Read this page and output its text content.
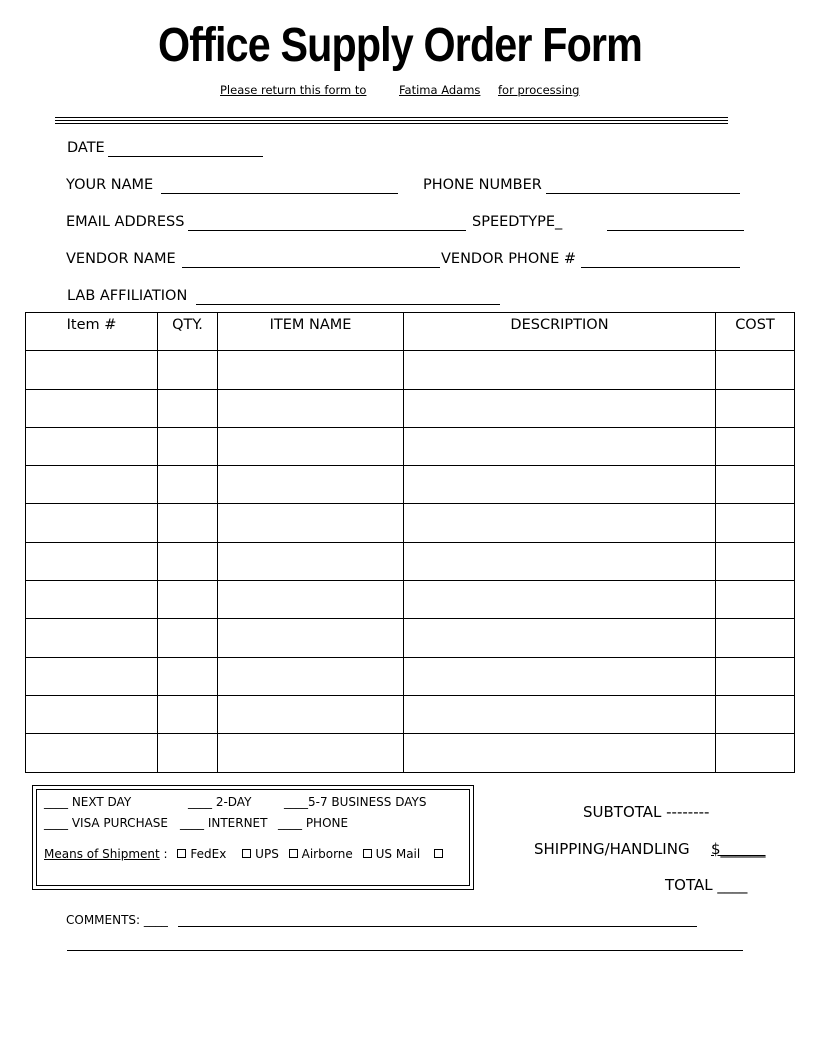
Office Supply Order Form
Please return this form to	Fatima Adams for processing
DATE
YOUR NAME	PHONE NUMBER
EMAIL ADDRESS	SPEEDTYPE_
VENDOR NAME	VENDOR PHONE #
LAB AFFILIATION
Item #	QTY.	ITEM NAME	DESCRIPTION	COST

____ NEXT DAY	____ 2-DAY	____5-7 BUSINESS DAYS
____ VISA PURCHASE ____ INTERNET ____ PHONE
Means of Shipment : FedEx UPS Airborne US Mail
SUBTOTAL --------
SHIPPING/HANDLING $______
TOTAL ____
COMMENTS: ____
